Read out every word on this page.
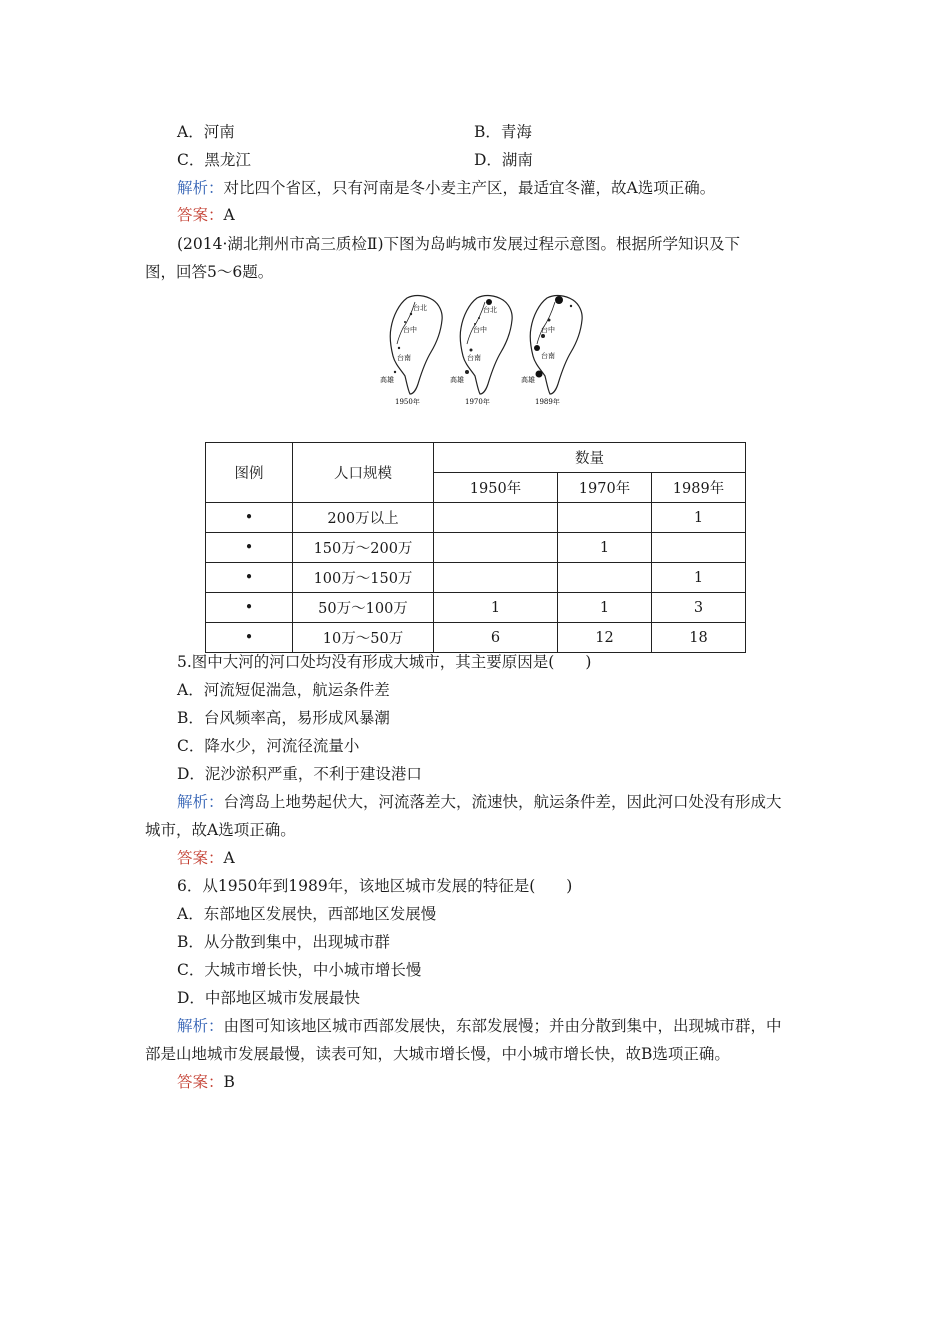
A．河南	B．青海
C．黑龙江	D．湖南
解析：对比四个省区，只有河南是冬小麦主产区，最适宜冬灌，故A选项正确。
答案：A
(2014·湖北荆州市高三质检Ⅱ)下图为岛屿城市发展过程示意图。根据所学知识及下
图，回答5～6题。
台北
台中
台南
高雄
1950年
台北
台中
台南
高雄
1970年
台中
台南
高雄
1989年
图例	人口规模	数量		
		1950年	1970年	1989年
•	200万以上			1
•	150万～200万		1	
•	100万～150万			1
•	50万～100万	1	1	3
•	10万～50万	6	12	18
5.图中大河的河口处均没有形成大城市，其主要原因是(　　)
A．河流短促湍急，航运条件差
B．台风频率高，易形成风暴潮
C．降水少，河流径流量小
D．泥沙淤积严重，不利于建设港口
解析：台湾岛上地势起伏大，河流落差大，流速快，航运条件差，因此河口处没有形成大
城市，故A选项正确。
答案：A
6．从1950年到1989年，该地区城市发展的特征是(　　)
A．东部地区发展快，西部地区发展慢
B．从分散到集中，出现城市群
C．大城市增长快，中小城市增长慢
D．中部地区城市发展最快
解析：由图可知该地区城市西部发展快，东部发展慢；并由分散到集中，出现城市群，中
部是山地城市发展最慢，读表可知，大城市增长慢，中小城市增长快，故B选项正确。
答案：B
